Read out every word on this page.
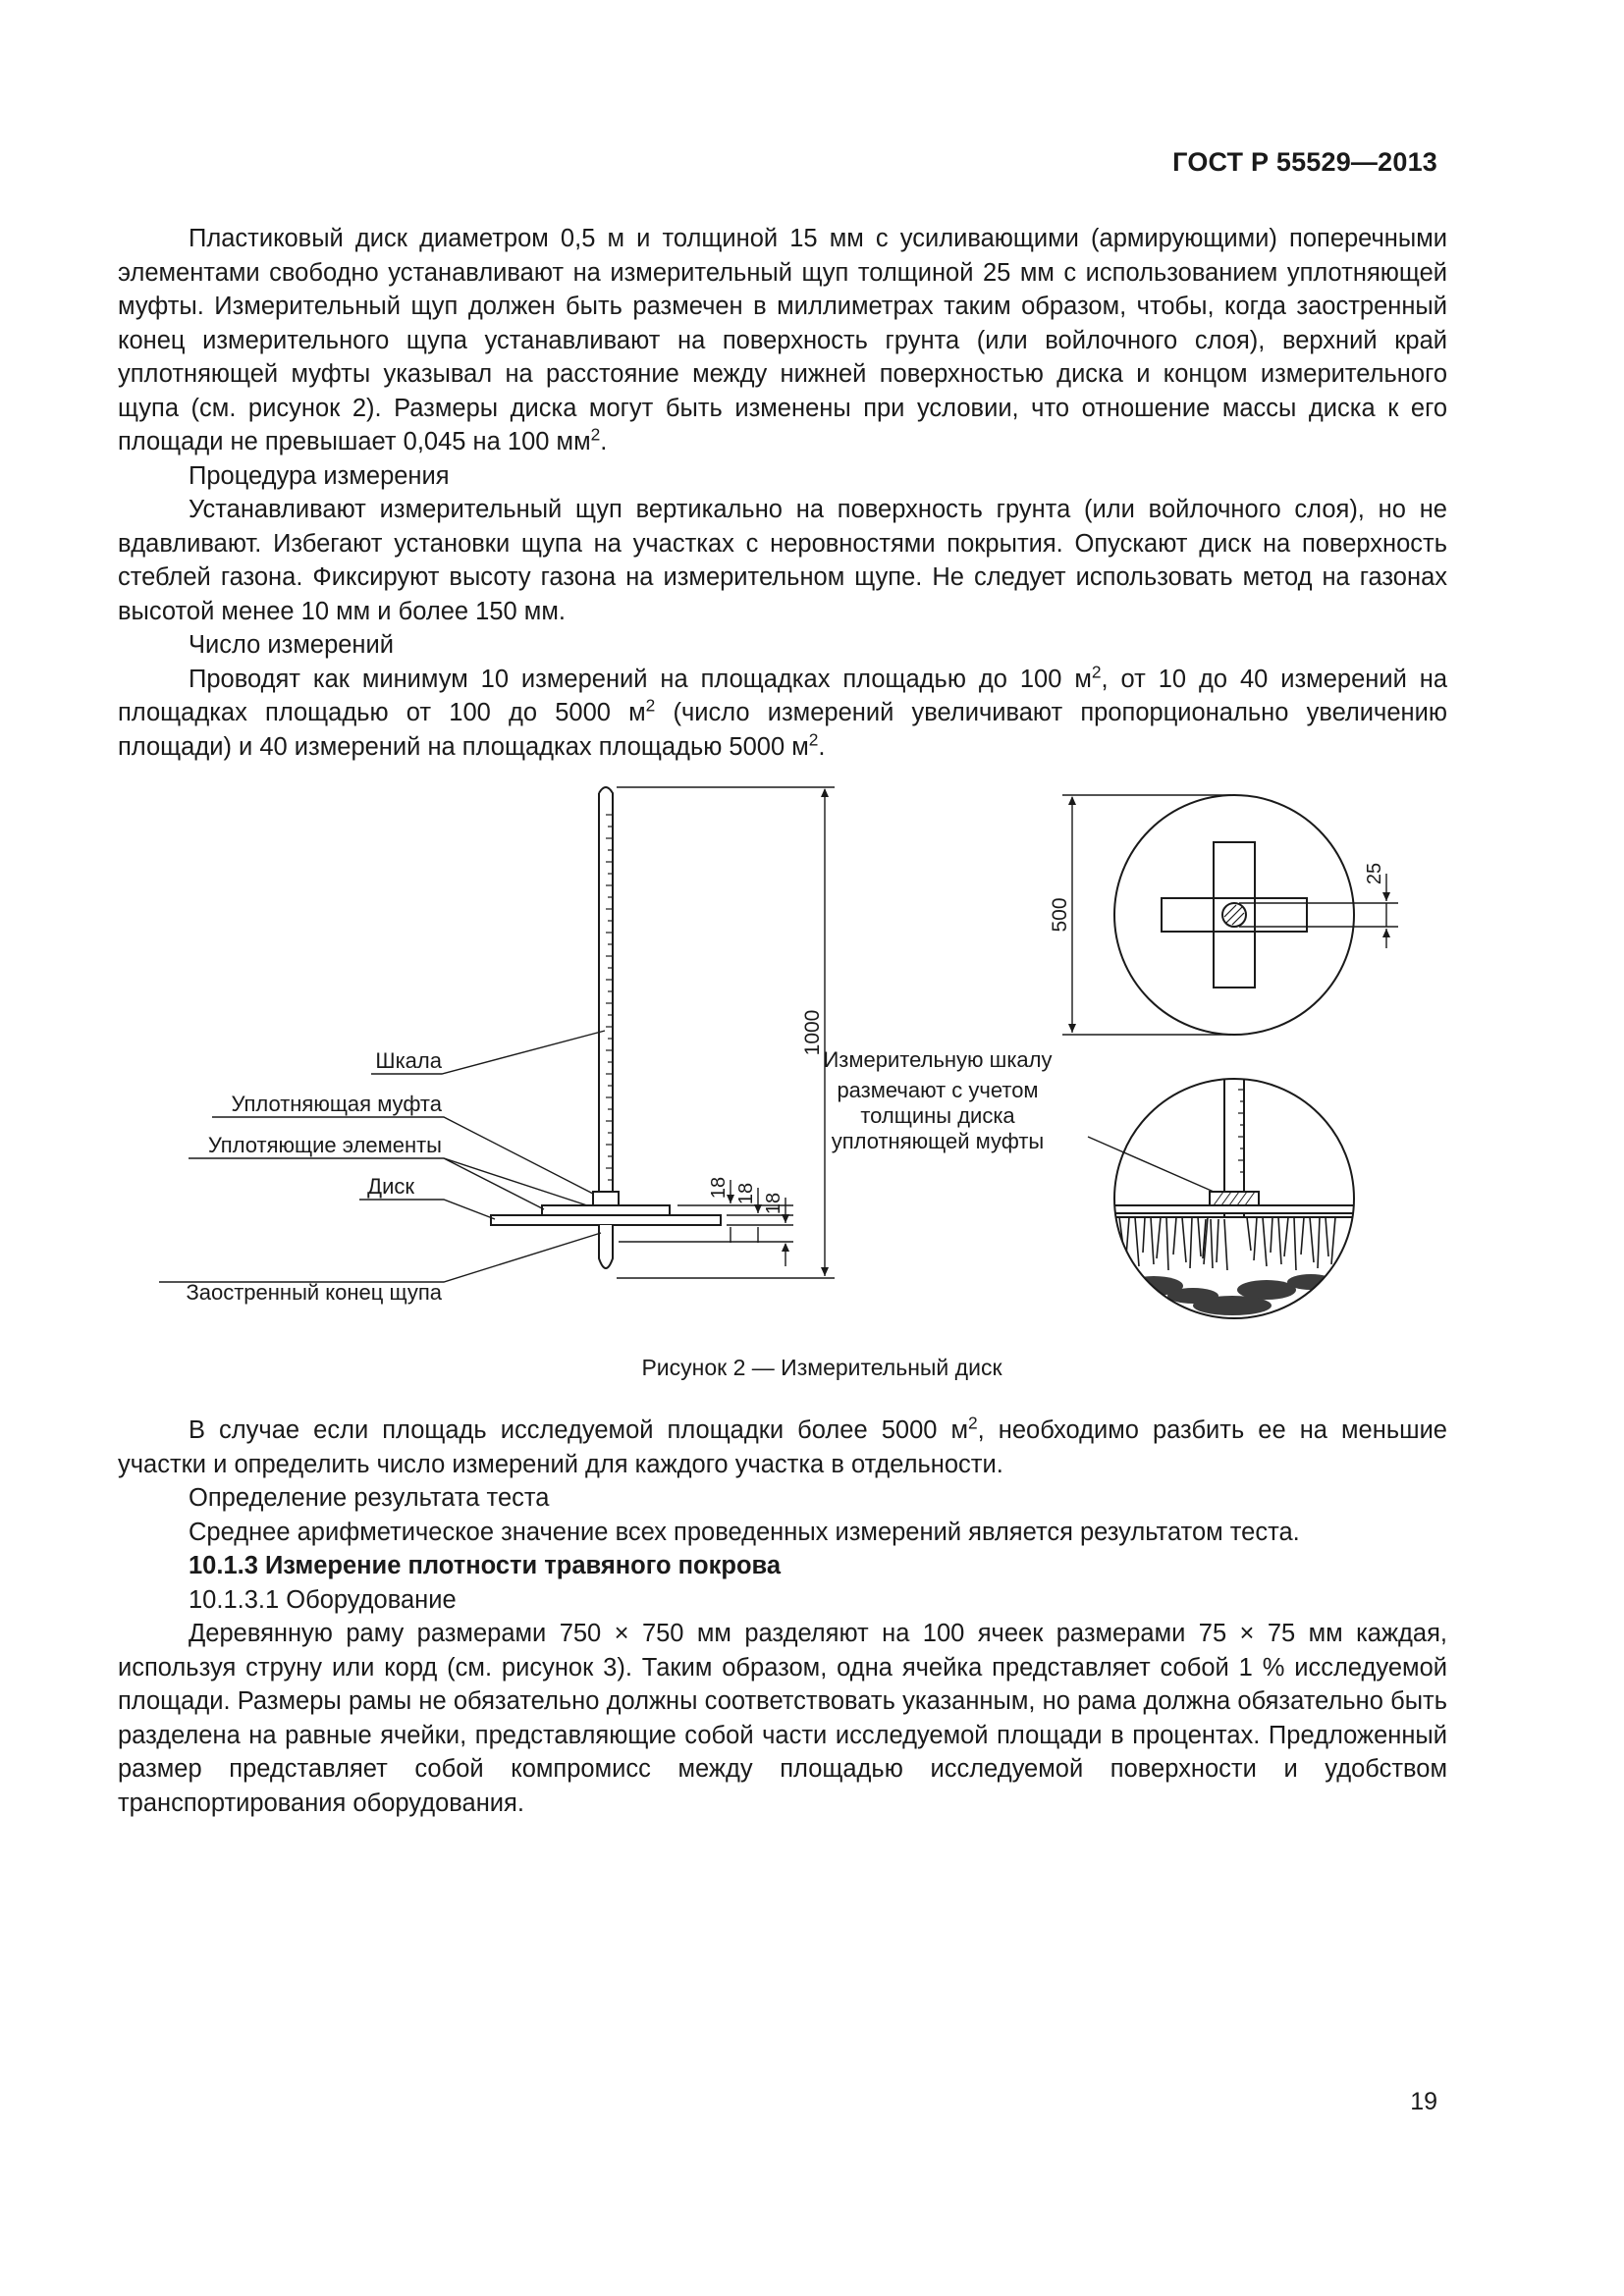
ГОСТ Р 55529—2013

Пластиковый диск диаметром 0,5 м и толщиной 15 мм с усиливающими (армирующими) поперечными элементами свободно устанавливают на измерительный щуп толщиной 25 мм с использованием уплотняющей муфты. Измерительный щуп должен быть размечен в миллиметрах таким образом, чтобы, когда заостренный конец измерительного щупа устанавливают на поверхность грунта (или войлочного слоя), верхний край уплотняющей муфты указывал на расстояние между нижней поверхностью диска и концом измерительного щупа (см. рисунок 2). Размеры диска могут быть изменены при условии, что отношение массы диска к его площади не превышает 0,045 на 100 $мм^2$.

Процедура измерения

Устанавливают измерительный щуп вертикально на поверхность грунта (или войлочного слоя), но не вдавливают. Избегают установки щупа на участках с неровностями покрытия. Опускают диск на поверхность стеблей газона. Фиксируют высоту газона на измерительном щупе. Не следует использовать метод на газонах высотой менее 10 мм и более 150 мм.

Число измерений

Проводят как минимум 10 измерений на площадках площадью до 100 $м^2$, от 10 до 40 измерений на площадках площадью от 100 до 5000 $м^2$ (число измерений увеличивают пропорционально увеличению площади) и 40 измерений на площадках площадью 5000 $м^2$.

1000
18 18 18
Шкала
Уплотняющая муфта
Уплотяющие элементы
Диск
Заостренный конец щупа
500
25
Измерительную шкалу
размечают с учетом
толщины диска
уплотняющей муфты
Рисунок 2 — Измерительный диск

В случае если площадь исследуемой площадки более 5000 $м^2$, необходимо разбить ее на меньшие участки и определить число измерений для каждого участка в отдельности.

Определение результата теста

Среднее арифметическое значение всех проведенных измерений является результатом теста.

10.1.3 Измерение плотности травяного покрова

10.1.3.1 Оборудование

Деревянную раму размерами 750 × 750 мм разделяют на 100 ячеек размерами 75 × 75 мм каждая, используя струну или корд (см. рисунок 3). Таким образом, одна ячейка представляет собой 1 % исследуемой площади. Размеры рамы не обязательно должны соответствовать указанным, но рама должна обязательно быть разделена на равные ячейки, представляющие собой части исследуемой площади в процентах. Предложенный размер представляет собой компромисс между площадью исследуемой поверхности и удобством транспортирования оборудования.

19
